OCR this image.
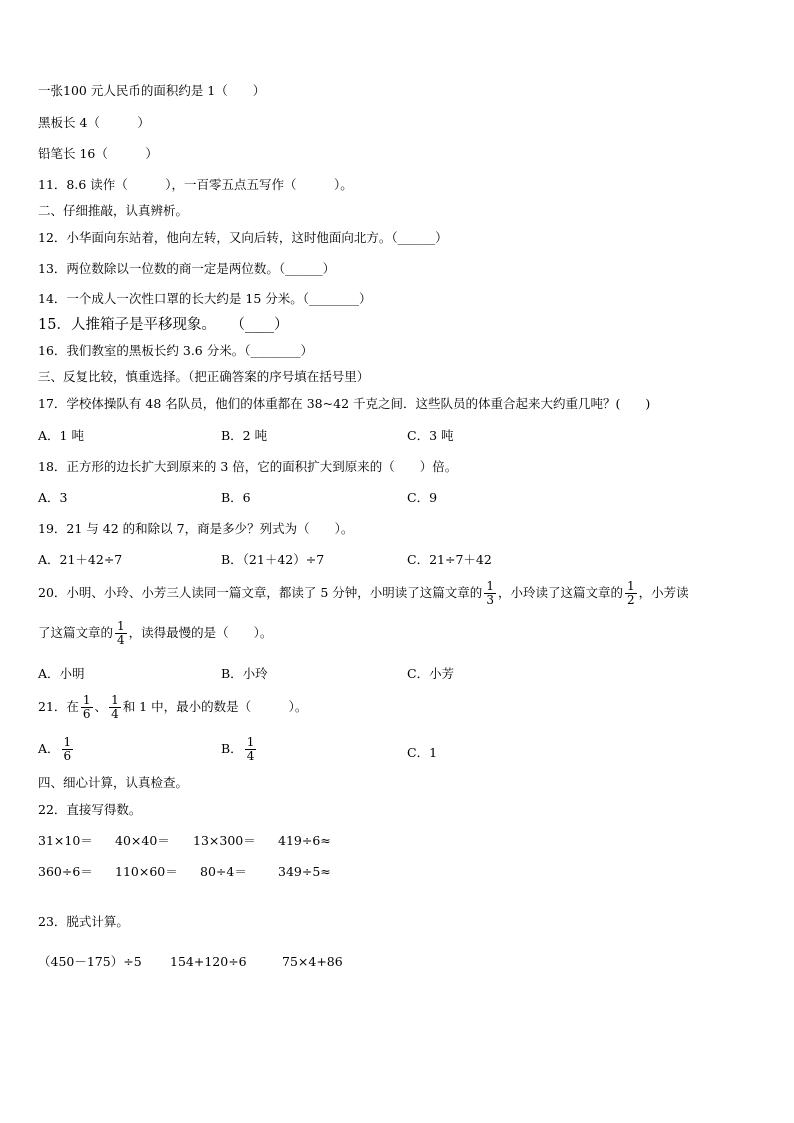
一张100 元人民币的面积约是 1（　　）
黑板长 4（　　　）
铅笔长 16（　　　）
11．8.6 读作（　　　），一百零五点五写作（　　　）。
二、仔细推敲，认真辨析。
12．小华面向东站着，他向左转，又向后转，这时他面向北方。（______）
13．两位数除以一位数的商一定是两位数。（______）
14．一个成人一次性口罩的长大约是 15 分米。（________）
15．人推箱子是平移现象。　　（____）
16．我们教室的黑板长约 3.6 分米。（________）
三、反复比较，慎重选择。（把正确答案的序号填在括号里）
17．学校体操队有 48 名队员，他们的体重都在 38~42 千克之间．这些队员的体重合起来大约重几吨？(　　)
A．1 吨	B．2 吨	C．3 吨
18．正方形的边长扩大到原来的 3 倍，它的面积扩大到原来的（　　）倍。
A．3	B．6	C．9
19．21 与 42 的和除以 7，商是多少？列式为（　　）。
A．21＋42÷7	B．（21＋42）÷7	C．21÷7＋42
20．小明、小玲、小芳三人读同一篇文章，都读了 5 分钟，小明读了这篇文章的 $\frac{1}{3}$ ，小玲读了这篇文章的 $\frac{1}{2}$ ，小芳读
了这篇文章的 $\frac{1}{4}$ ，读得最慢的是（　　）。
A．小明	B．小玲	C．小芳
21．在 $\frac{1}{6}$ 、 $\frac{1}{4}$ 和 1 中，最小的数是（　　　）。
A． $\frac{1}{6}$	B． $\frac{1}{4}$	C．1
四、细心计算，认真检查。
22．直接写得数。
31×10＝ 40×40＝ 13×300＝ 419÷6≈
360÷6＝ 110×60＝ 80÷4＝ 349÷5≈
23．脱式计算。
（450－175）÷5 154+120÷6	75×4+86
